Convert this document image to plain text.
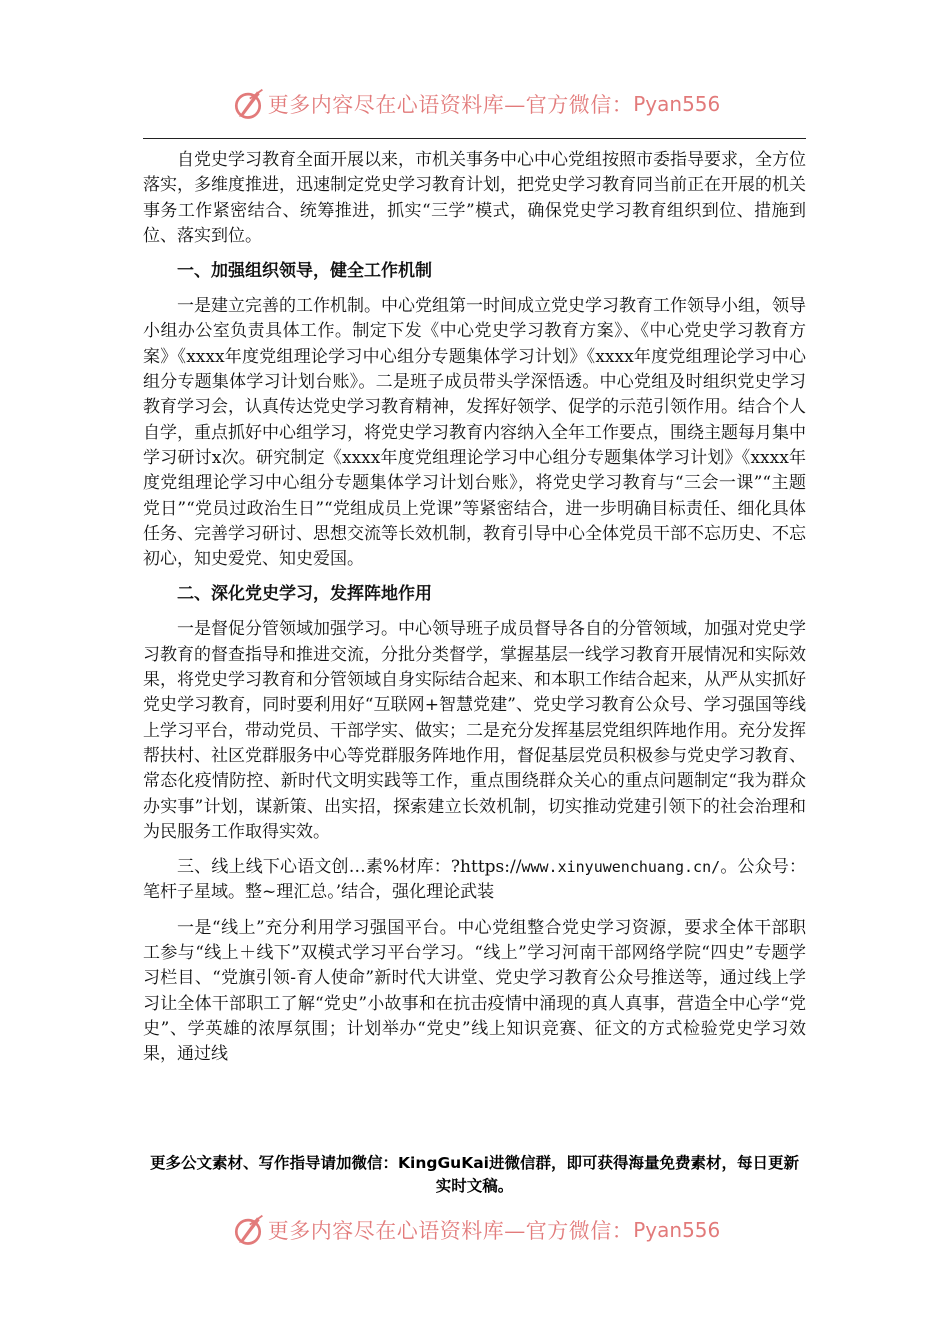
更多内容尽在心语资料库—官方微信： Pyan556

自党史学习教育全面开展以来，市机关事务中心中心党组按照市委指导要求，全方位落实，多维度推进，迅速制定党史学习教育计划，把党史学习教育同当前正在开展的机关事务工作紧密结合、统筹推进，抓实“三学”模式，确保党史学习教育组织到位、措施到位、落实到位。

一、加强组织领导，健全工作机制

一是建立完善的工作机制。中心党组第一时间成立党史学习教育工作领导小组，领导小组办公室负责具体工作。制定下发《中心党史学习教育方案》、《中心党史学习教育方案》《xxxx年度党组理论学习中心组分专题集体学习计划》《xxxx年度党组理论学习中心组分专题集体学习计划台账》。二是班子成员带头学深悟透。中心党组及时组织党史学习教育学习会，认真传达党史学习教育精神，发挥好领学、促学的示范引领作用。结合个人自学，重点抓好中心组学习，将党史学习教育内容纳入全年工作要点，围绕主题每月集中学习研讨x次。研究制定《xxxx年度党组理论学习中心组分专题集体学习计划》《xxxx年度党组理论学习中心组分专题集体学习计划台账》，将党史学习教育与“三会一课”“主题党日”“党员过政治生日”“党组成员上党课”等紧密结合，进一步明确目标责任、细化具体任务、完善学习研讨、思想交流等长效机制，教育引导中心全体党员干部不忘历史、不忘初心，知史爱党、知史爱国。

二、深化党史学习，发挥阵地作用

一是督促分管领域加强学习。中心领导班子成员督导各自的分管领域，加强对党史学习教育的督查指导和推进交流，分批分类督学，掌握基层一线学习教育开展情况和实际效果，将党史学习教育和分管领域自身实际结合起来、和本职工作结合起来，从严从实抓好党史学习教育，同时要利用好“互联网+智慧党建”、党史学习教育公众号、学习强国等线上学习平台，带动党员、干部学实、做实；二是充分发挥基层党组织阵地作用。充分发挥帮扶村、社区党群服务中心等党群服务阵地作用，督促基层党员积极参与党史学习教育、常态化疫情防控、新时代文明实践等工作，重点围绕群众关心的重点问题制定“我为群众办实事”计划，谋新策、出实招，探索建立长效机制，切实推动党建引领下的社会治理和为民服务工作取得实效。

三、线上线下心语文创…素%材库：?https://www.xinyuwenchuang.cn/。公众号：笔杆子星域。整~理汇总。’结合，强化理论武装

一是“线上”充分利用学习强国平台。中心党组整合党史学习资源，要求全体干部职工参与“线上＋线下”双模式学习平台学习。“线上”学习河南干部网络学院“四史”专题学习栏目、“党旗引领-育人使命”新时代大讲堂、党史学习教育公众号推送等，通过线上学习让全体干部职工了解“党史”小故事和在抗击疫情中涌现的真人真事，营造全中心学“党史”、学英雄的浓厚氛围；计划举办“党史”线上知识竞赛、征文的方式检验党史学习效果，通过线

更多公文素材、写作指导请加微信：KingGuKai进微信群，即可获得海量免费素材，每日更新实时文稿。
更多内容尽在心语资料库—官方微信： Pyan556
